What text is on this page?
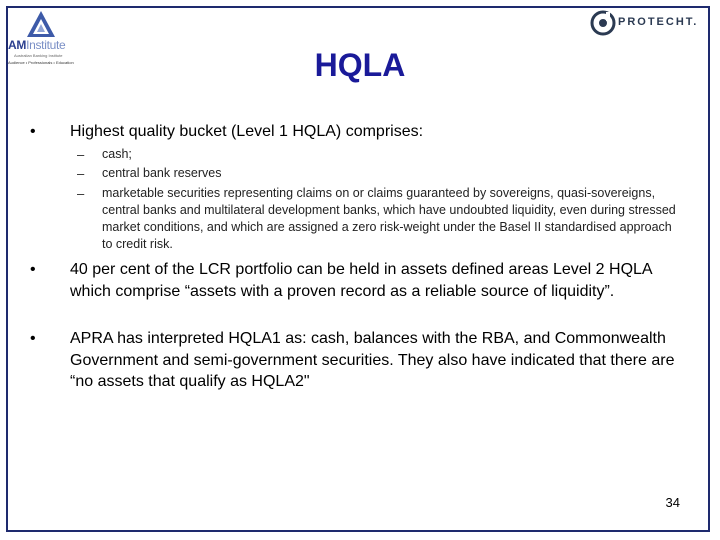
AMInstitute
Australian Banking Institute
Audience • Professionals • Education
PROTECHT.
HQLA
• Highest quality bucket (Level 1 HQLA) comprises:
– cash;
– central bank reserves
– marketable securities representing claims on or claims guaranteed by sovereigns, quasi-sovereigns, central banks and multilateral development banks, which have undoubted liquidity, even during stressed market conditions, and which are assigned a zero risk-weight under the Basel II standardised approach to credit risk.
• 40 per cent of the LCR portfolio can be held in assets defined areas Level 2 HQLA which comprise “assets with a proven record as a reliable source of liquidity”.
• APRA has interpreted HQLA1 as: cash, balances with the RBA, and Commonwealth Government and semi-government securities. They also have indicated that there are “no assets that qualify as HQLA2"
34
